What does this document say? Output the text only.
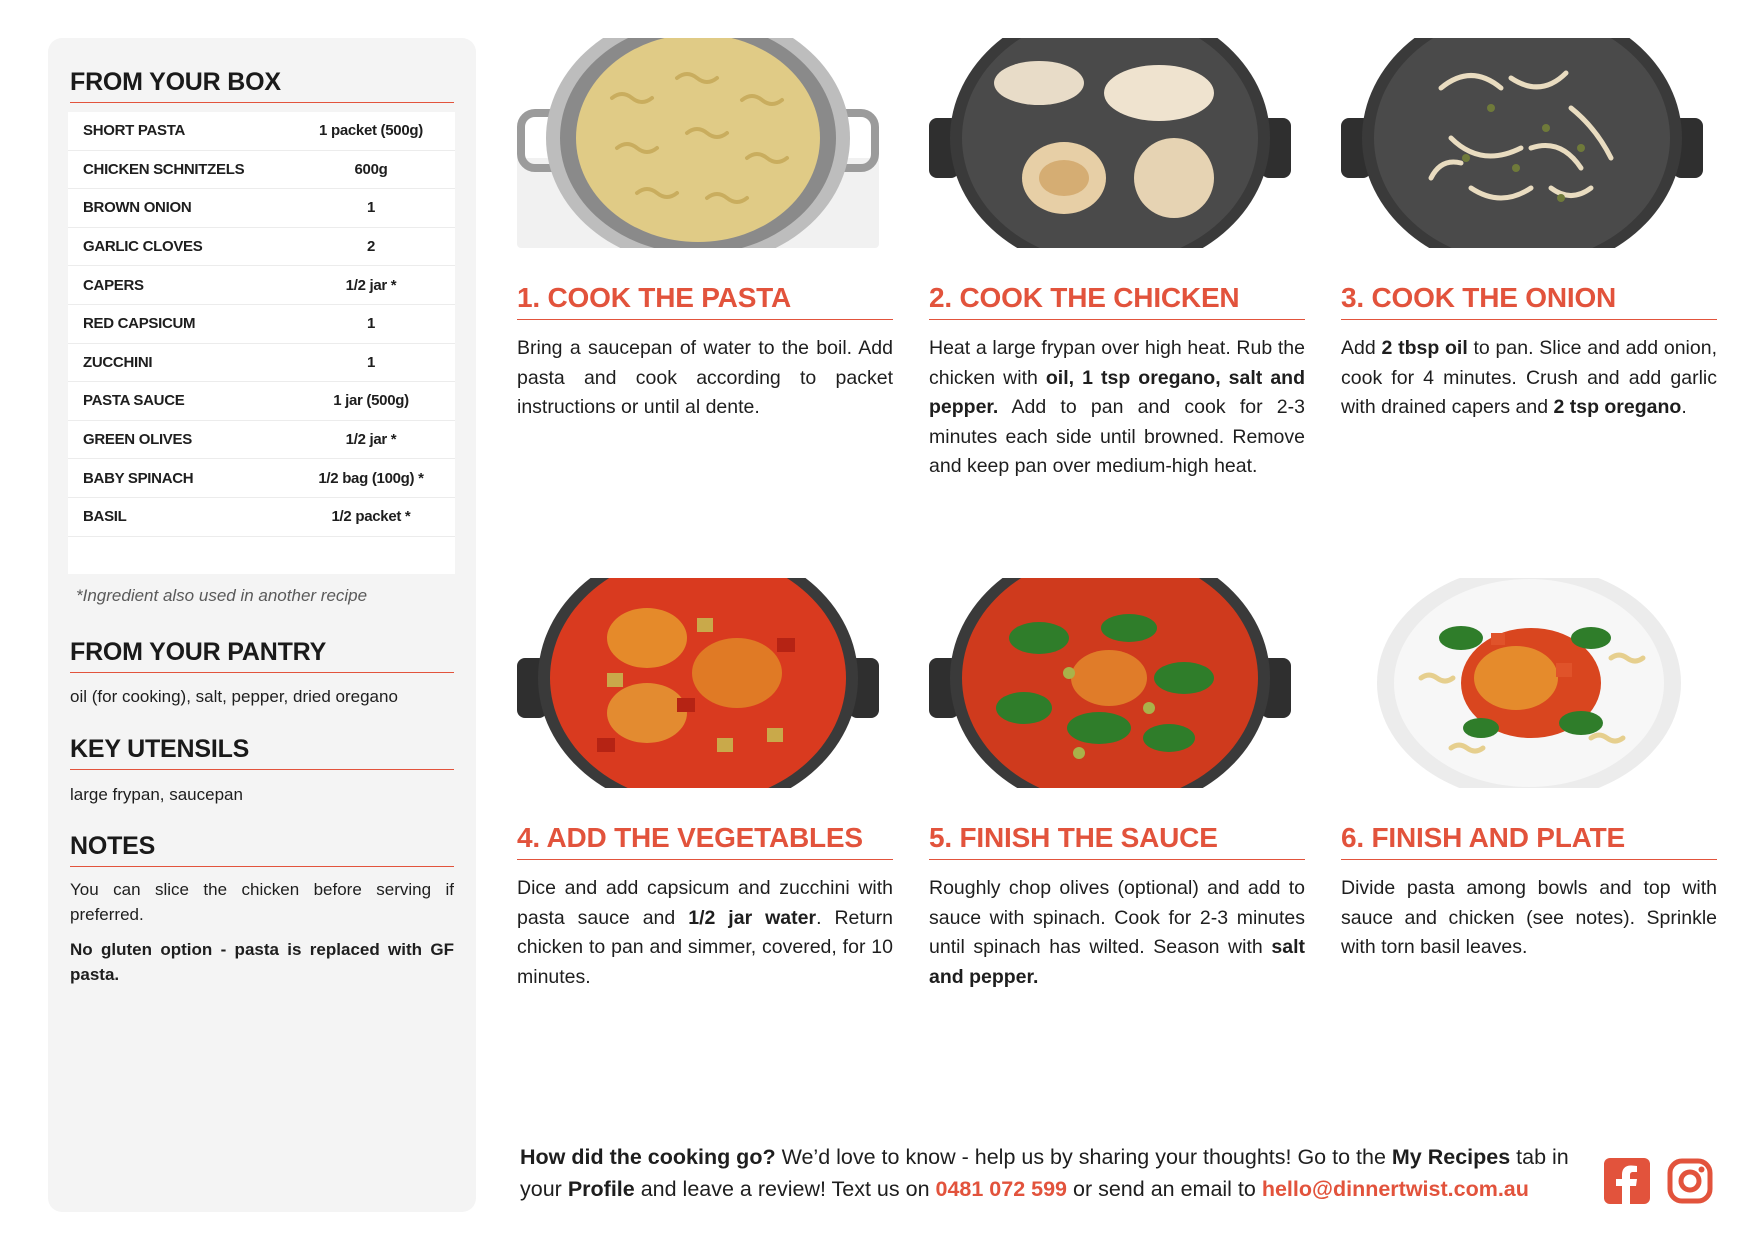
FROM YOUR BOX
SHORT PASTA	1 packet (500g)
CHICKEN SCHNITZELS	600g
BROWN ONION	1
GARLIC CLOVES	2
CAPERS	1/2 jar *
RED CAPSICUM	1
ZUCCHINI	1
PASTA SAUCE	1 jar (500g)
GREEN OLIVES	1/2 jar *
BABY SPINACH	1/2 bag (100g) *
BASIL	1/2 packet *
*Ingredient also used in another recipe
FROM YOUR PANTRY
oil (for cooking), salt, pepper, dried oregano
KEY UTENSILS
large frypan, saucepan
NOTES
You can slice the chicken before serving if preferred.
No gluten option - pasta is replaced with GF pasta.
1. COOK THE PASTA
Bring a saucepan of water to the boil. Add pasta and cook according to packet instructions or until al dente.
2. COOK THE CHICKEN
Heat a large frypan over high heat. Rub the chicken with oil, 1 tsp oregano, salt and pepper. Add to pan and cook for 2-3 minutes each side until browned. Remove and keep pan over medium-high heat.
3. COOK THE ONION
Add 2 tbsp oil to pan. Slice and add onion, cook for 4 minutes. Crush and add garlic with drained capers and 2 tsp oregano.
4. ADD THE VEGETABLES
Dice and add capsicum and zucchini with pasta sauce and 1/2 jar water. Return chicken to pan and simmer, covered, for 10 minutes.
5. FINISH THE SAUCE
Roughly chop olives (optional) and add to sauce with spinach. Cook for 2-3 minutes until spinach has wilted. Season with salt and pepper.
6. FINISH AND PLATE
Divide pasta among bowls and top with sauce and chicken (see notes). Sprinkle with torn basil leaves.
How did the cooking go? We’d love to know - help us by sharing your thoughts! Go to the My Recipes tab in your Profile and leave a review! Text us on 0481 072 599 or send an email to hello@dinnertwist.com.au
